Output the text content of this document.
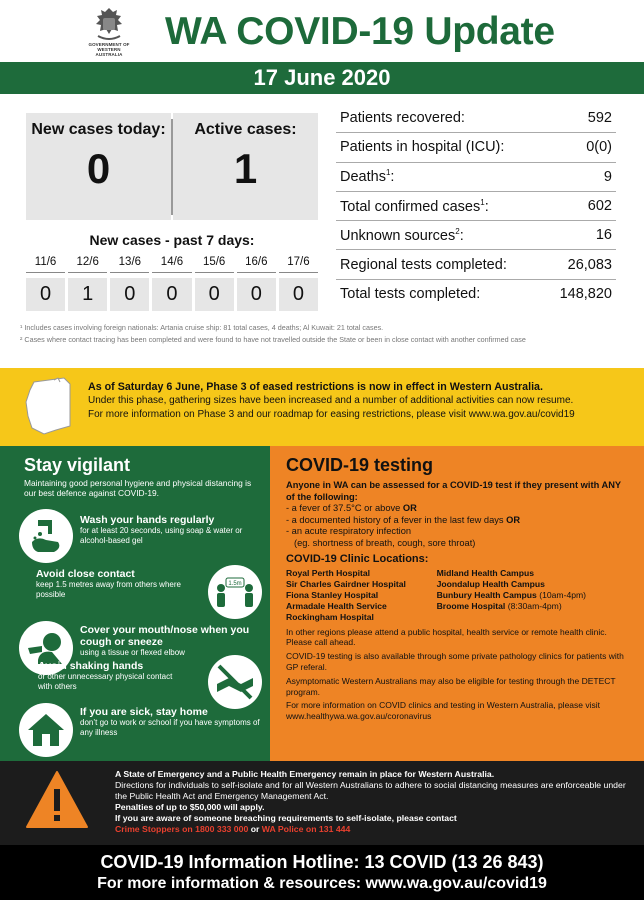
GOVERNMENT OF
WESTERN AUSTRALIA
WA COVID-19 Update
17 June 2020
New cases today:
0
Active cases:
1
New cases - past 7 days:
11/6
0
12/6
1
13/6
0
14/6
0
15/6
0
16/6
0
17/6
0
Patients recovered:	592
Patients in hospital (ICU):	0(0)
Deaths$^1$:	9
Total confirmed cases$^1$:	602
Unknown sources$^2$:	16
Regional tests completed:	26,083
Total tests completed:	148,820

¹ Includes cases involving foreign nationals: Artania cruise ship: 81 total cases, 4 deaths; Al Kuwait: 21 total cases.

² Cases where contact tracing has been completed and were found to have not travelled outside the State or been in close contact with another confirmed case

As of Saturday 6 June, Phase 3 of eased restrictions is now in effect in Western Australia.
Under this phase, gathering sizes have been increased and a number of additional activities can now resume.
For more information on Phase 3 and our roadmap for easing restrictions, please visit www.wa.gov.au/covid19
Stay vigilant
Maintaining good personal hygiene and physical distancing is our best defence against COVID-19.
Wash your hands regularly
for at least 20 seconds, using soap & water or alcohol-based gel
Avoid close contact
keep 1.5 metres away from others where possible
1.5m
Cover your mouth/nose when you cough or sneeze
using a tissue or flexed elbow
Avoid shaking hands
or other unnecessary physical contact with others
If you are sick, stay home
don’t go to work or school if you have symptoms of any illness
COVID-19 testing
Anyone in WA can be assessed for a COVID-19 test if they present with ANY of the following:
- a fever of 37.5°C or above OR
- a documented history of a fever in the last few days OR
- an acute respiratory infection
(eg. shortness of breath, cough, sore throat)
COVID-19 Clinic Locations:
Royal Perth Hospital
Sir Charles Gairdner Hospital
Fiona Stanley Hospital
Armadale Health Service
Rockingham Hospital
Midland Health Campus
Joondalup Health Campus
Bunbury Health Campus (10am-4pm)
Broome Hospital (8:30am-4pm)
In other regions please attend a public hospital, health service or remote health clinic. Please call ahead.
COVID-19 testing is also available through some private pathology clinics for patients with GP referal.
Asymptomatic Western Australians may also be eligible for testing through the DETECT program.
For more information on COVID clinics and testing in Western Australia, please visit www.healthywa.wa.gov.au/coronavirus
A State of Emergency and a Public Health Emergency remain in place for Western Australia.
Directions for individuals to self-isolate and for all Western Australians to adhere to social distancing measures are enforceable under the Public Health Act and Emergency Management Act.
Penalties of up to $50,000 will apply.
If you are aware of someone breaching requirements to self-isolate, please contact
Crime Stoppers on 1800 333 000 or WA Police on 131 444
COVID-19 Information Hotline: 13 COVID (13 26 843)
For more information & resources: www.wa.gov.au/covid19
